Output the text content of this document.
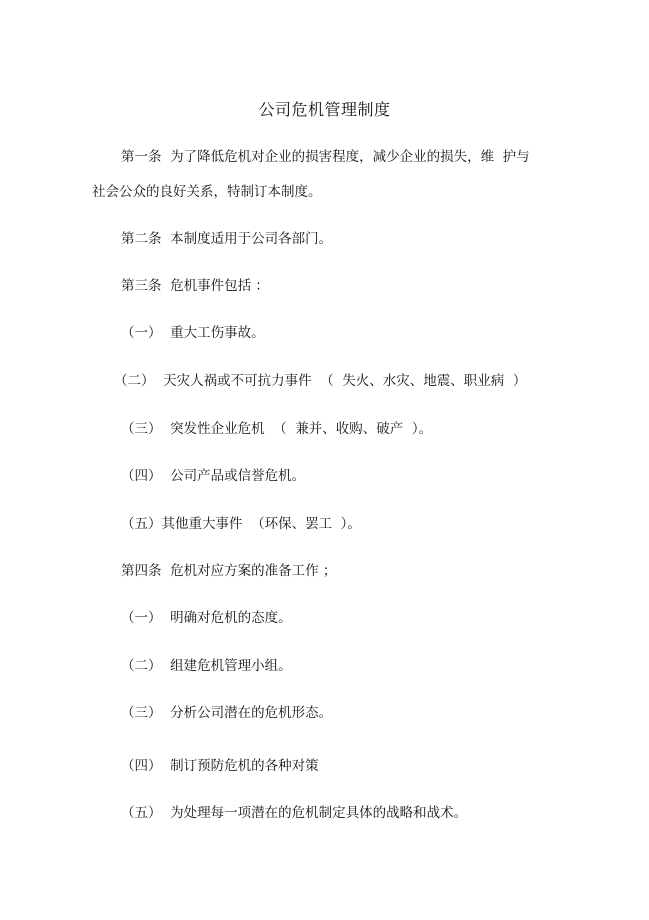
公司危机管理制度

第一条  为了降低危机对企业的损害程度，减少企业的损失，维  护与

社会公众的良好关系，特制订本制度。

第二条  本制度适用于公司各部门。

第三条  危机事件包括 ：

（一）  重大工伤事故。

（二）  天灾人祸或不可抗力事件  （  失火、水灾、地震、职业病  ）

（三）  突发性企业危机  （  兼并、收购、破产  ）。

（四）  公司产品或信誉危机。

（五）其他重大事件  （环保、罢工  ）。

第四条  危机对应方案的准备工作 ；

（一）  明确对危机的态度。

（二）  组建危机管理小组。

（三）  分析公司潜在的危机形态。

（四）  制订预防危机的各种对策

（五）  为处理每一项潜在的危机制定具体的战略和战术。
